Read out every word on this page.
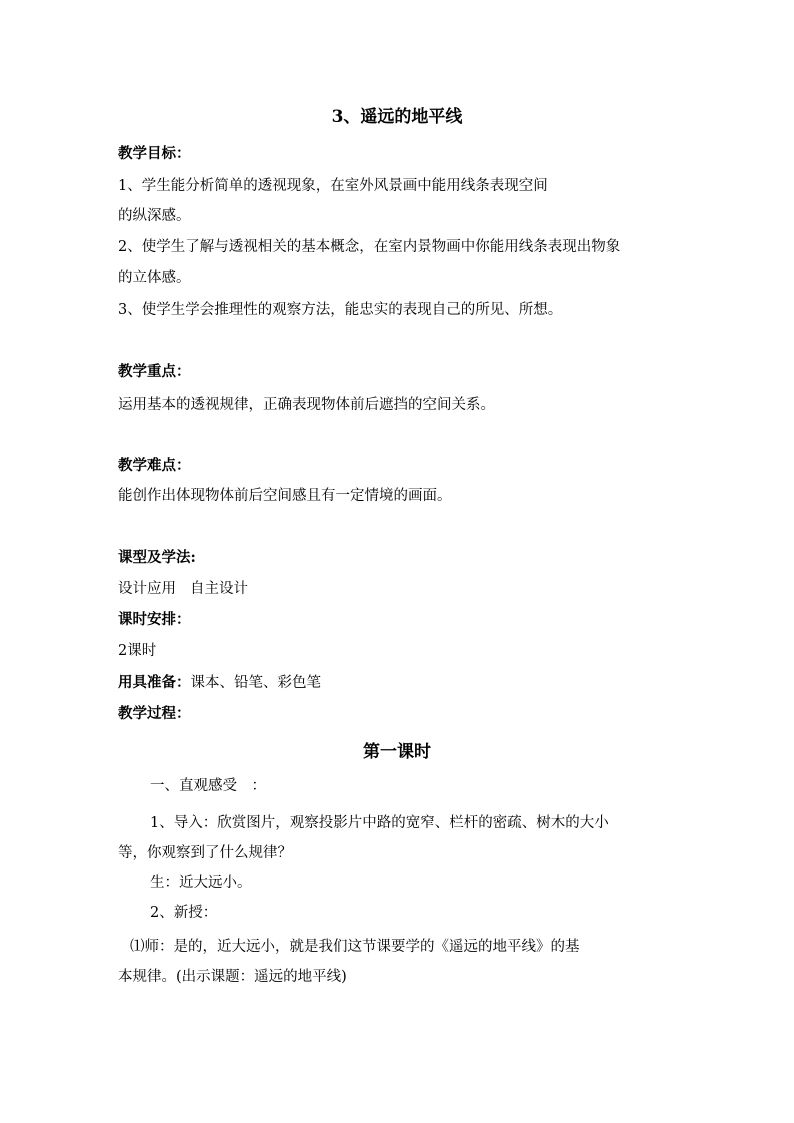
3、遥远的地平线
教学目标：
1、学生能分析简单的透视现象，在室外风景画中能用线条表现空间
的纵深感。
2、使学生了解与透视相关的基本概念，在室内景物画中你能用线条表现出物象
的立体感。
3、使学生学会推理性的观察方法，能忠实的表现自己的所见、所想。
教学重点：
运用基本的透视规律，正确表现物体前后遮挡的空间关系。
教学难点：
能创作出体现物体前后空间感且有一定情境的画面。
课型及学法:
设计应用 自主设计
课时安排：
2课时
用具准备：课本、铅笔、彩色笔
教学过程：
第一课时
一、直观感受　：
1、导入：欣赏图片，观察投影片中路的宽窄、栏杆的密疏、树木的大小
等，你观察到了什么规律？
生：近大远小。
2、新授：
⑴师：是的，近大远小，就是我们这节课要学的《遥远的地平线》的基
本规律。(出示课题：遥远的地平线)
